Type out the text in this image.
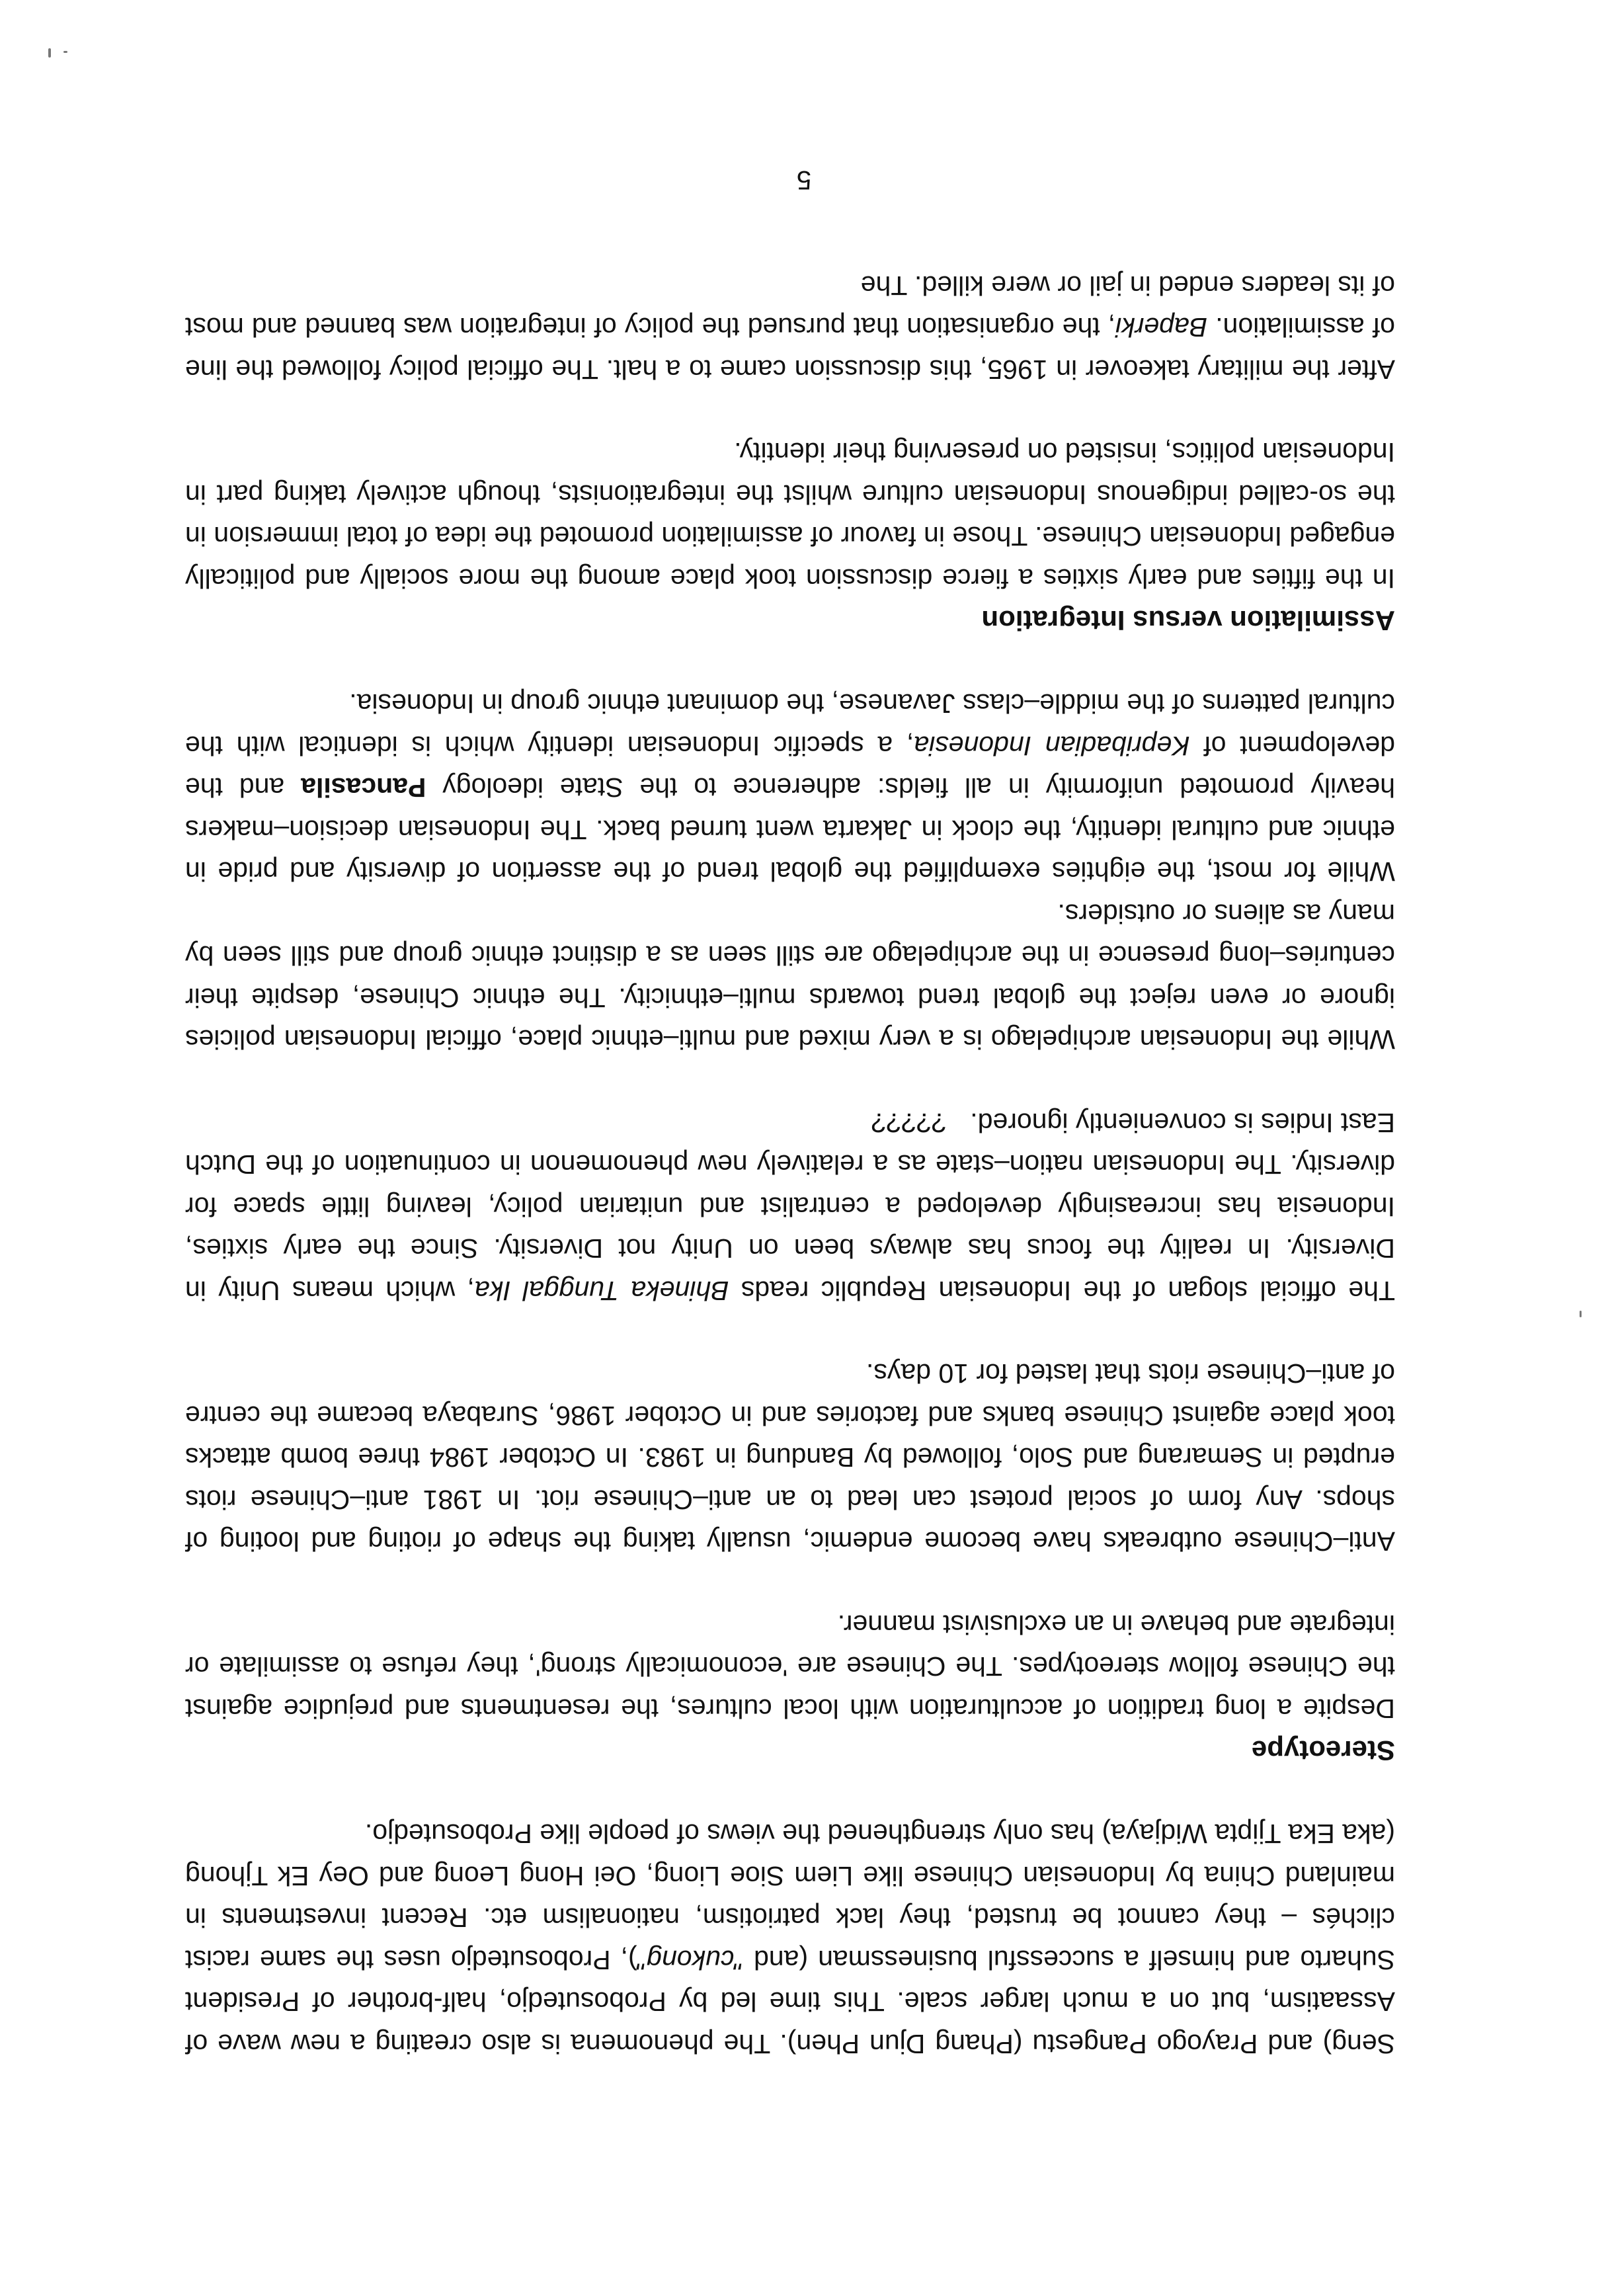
Seng) and Prayogo Pangestu (Phang Djun Phen). The phenomena is also creating a new wave of Assaatism, but on a much larger scale. This time led by Probosutedjo, half-brother of President Suharto and himself a successful businessman (and "cukong"), Probosutedjo uses the same racist clichés – they cannot be trusted, they lack patriotism, nationalism etc. Recent investments in mainland China by Indonesian Chinese like Liem Sioe Liong, Oei Hong Leong and Oey Ek Tjhong (aka Eka Tjipta Widjaya) has only strengthened the views of people like Probosutedjo.

Stereotype

Despite a long tradition of acculturation with local cultures, the resentments and prejudice against the Chinese follow stereotypes. The Chinese are 'economically strong', they refuse to assimilate or integrate and behave in an exclusivist manner.

Anti–Chinese outbreaks have become endemic, usually taking the shape of rioting and looting of shops. Any form of social protest can lead to an anti–Chinese riot. In 1981 anti–Chinese riots erupted in Semarang and Solo, followed by Bandung in 1983. In October 1984 three bomb attacks took place against Chinese banks and factories and in October 1986, Surabaya became the centre of anti–Chinese riots that lasted for 10 days.

The official slogan of the Indonesian Republic reads Bhineka Tunggal Ika, which means Unity in Diversity. In reality the focus has always been on Unity not Diversity. Since the early sixties, Indonesia has increasingly developed a centralist and unitarian policy, leaving little space for diversity. The Indonesian nation–state as a relatively new phenomenon in continuation of the Dutch East Indies is conveniently ignored.?????

While the Indonesian archipelago is a very mixed and multi–ethnic place, official Indonesian policies ignore or even reject the global trend towards multi–ethnicity. The ethnic Chinese, despite their centuries–long presence in the archipelago are still seen as a distinct ethnic group and still seen by many as aliens or outsiders.

While for most, the eighties exemplified the global trend of the assertion of diversity and pride in ethnic and cultural identity, the clock in Jakarta went turned back. The Indonesian decision–makers heavily promoted uniformity in all fields: adherence to the State ideology Pancasila and the development of Kepribadian Indonesia, a specific Indonesian identity which is identical with the cultural patterns of the middle–class Javanese, the dominant ethnic group in Indonesia.

Assimilation versus Integration

In the fifties and early sixties a fierce discussion took place among the more socially and politically engaged Indonesian Chinese. Those in favour of assimilation promoted the idea of total immersion in the so-called indigenous Indonesian culture whilst the integrationists, though actively taking part in Indonesian politics, insisted on preserving their identity.

After the military takeover in 1965, this discussion came to a halt. The official policy followed the line of assimilation. Baperki, the organisation that pursued the policy of integration was banned and most of its leaders ended in jail or were killed. The

5
